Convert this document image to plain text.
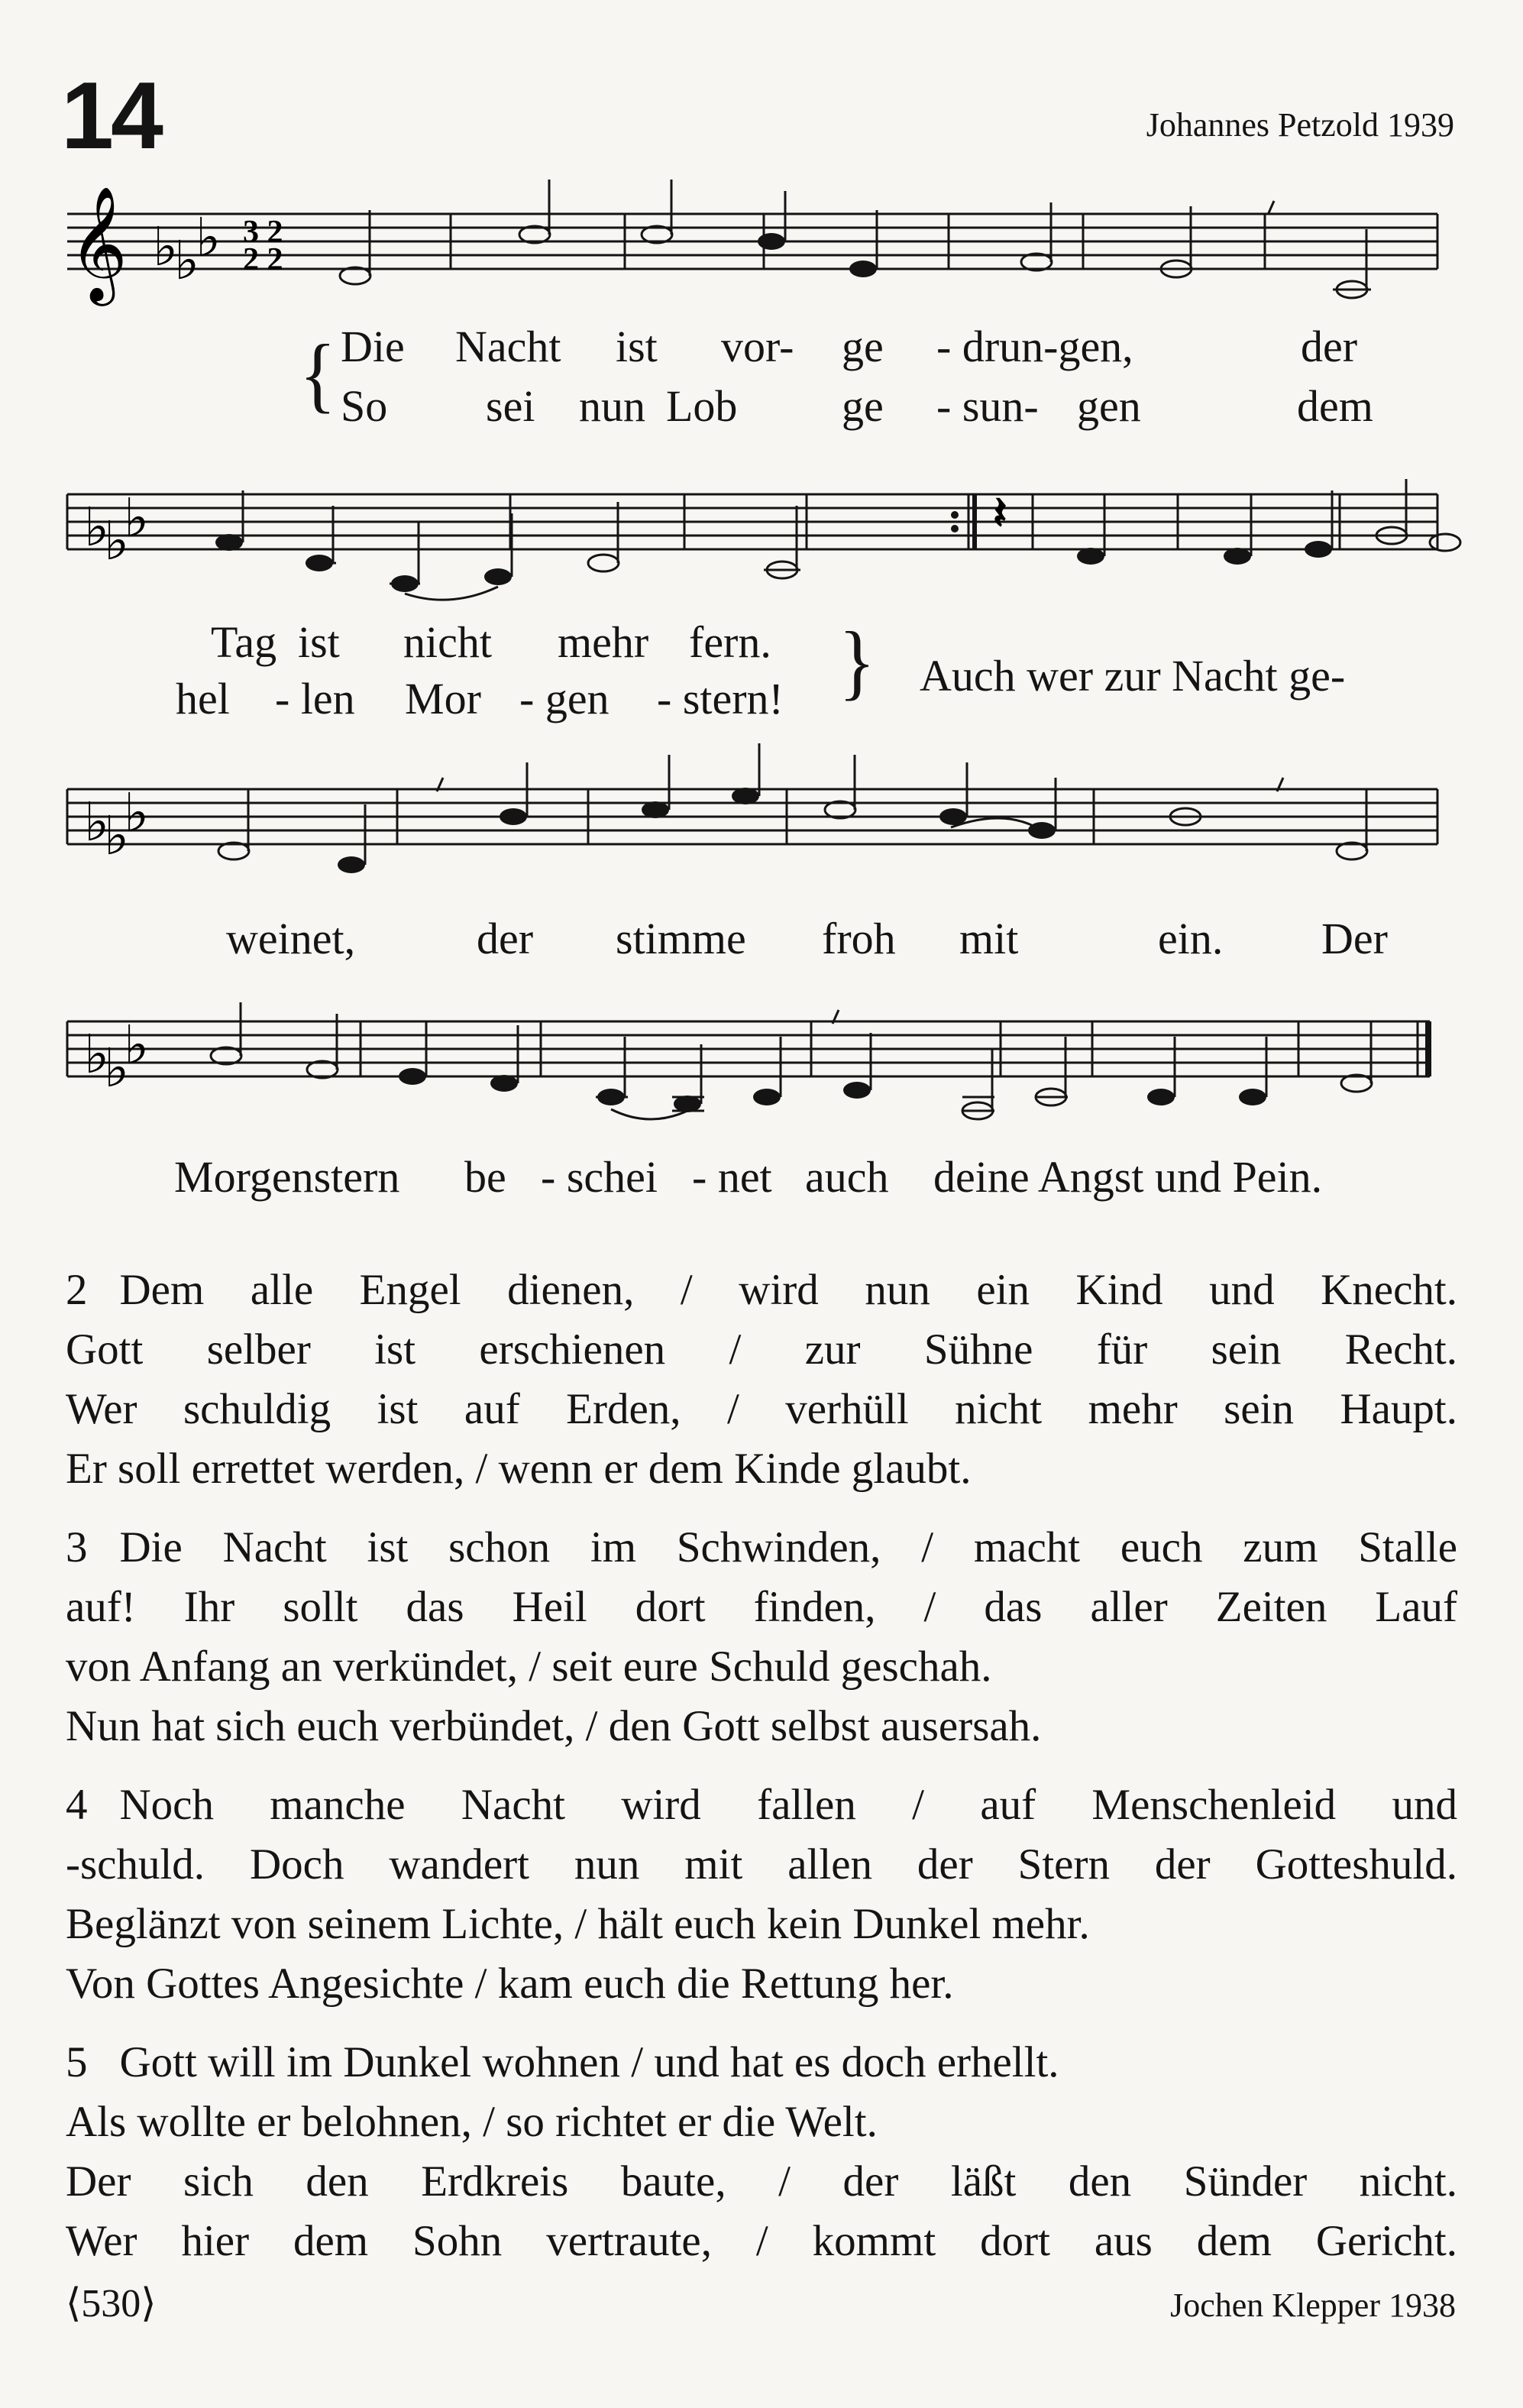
14	Johannes Petzold 1939
𝄞 ♭
♭
♭ 3 2
2 2
{ Die Nacht ist vor- ge - drun-gen,	der
So sei nun Lob ge - sun- gen	dem
♭
♭
♭	𝄽
}
Tag ist nicht mehr fern.
hel - len Mor - gen - stern!	Auch wer zur Nacht ge-
♭
♭
♭
weinet,	der stimme froh mit	ein. Der
♭
♭
♭
Morgenstern be - schei - net auch deine Angst und Pein.
2 Dem alle Engel dienen, / wird nun ein Kind und Knecht.
Gott selber ist erschienen / zur Sühne für sein Recht.
Wer schuldig ist auf Erden, / verhüll nicht mehr sein Haupt.
Er soll errettet werden, / wenn er dem Kinde glaubt.
3 Die Nacht ist schon im Schwinden, / macht euch zum Stalle
auf! Ihr sollt das Heil dort finden, / das aller Zeiten Lauf
von Anfang an verkündet, / seit eure Schuld geschah.
Nun hat sich euch verbündet, / den Gott selbst ausersah.
4 Noch manche Nacht wird fallen / auf Menschenleid und
-schuld. Doch wandert nun mit allen der Stern der Gotteshuld.
Beglänzt von seinem Lichte, / hält euch kein Dunkel mehr.
Von Gottes Angesichte / kam euch die Rettung her.
5 Gott will im Dunkel wohnen / und hat es doch erhellt.
Als wollte er belohnen, / so richtet er die Welt.
Der sich den Erdkreis baute, / der läßt den Sünder nicht.
Wer hier dem Sohn vertraute, / kommt dort aus dem Gericht.
⟨530⟩	Jochen Klepper 1938
